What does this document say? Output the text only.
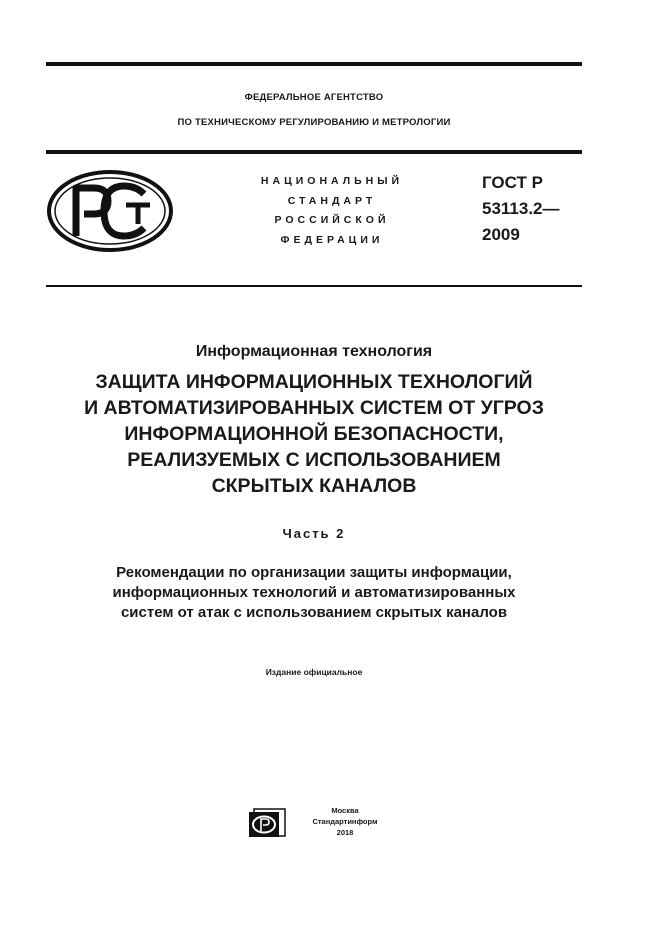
ФЕДЕРАЛЬНОЕ АГЕНТСТВО
ПО ТЕХНИЧЕСКОМУ РЕГУЛИРОВАНИЮ И МЕТРОЛОГИИ
НАЦИОНАЛЬНЫЙ
СТАНДАРТ
РОССИЙСКОЙ
ФЕДЕРАЦИИ
ГОСТ Р
53113.2—
2009
Информационная технология
ЗАЩИТА ИНФОРМАЦИОННЫХ ТЕХНОЛОГИЙ
И АВТОМАТИЗИРОВАННЫХ СИСТЕМ ОТ УГРОЗ
ИНФОРМАЦИОННОЙ БЕЗОПАСНОСТИ,
РЕАЛИЗУЕМЫХ С ИСПОЛЬЗОВАНИЕМ
СКРЫТЫХ КАНАЛОВ
Часть 2
Рекомендации по организации защиты информации,
информационных технологий и автоматизированных
систем от атак с использованием скрытых каналов
Издание официальное
Москва
Стандартинформ
2018
